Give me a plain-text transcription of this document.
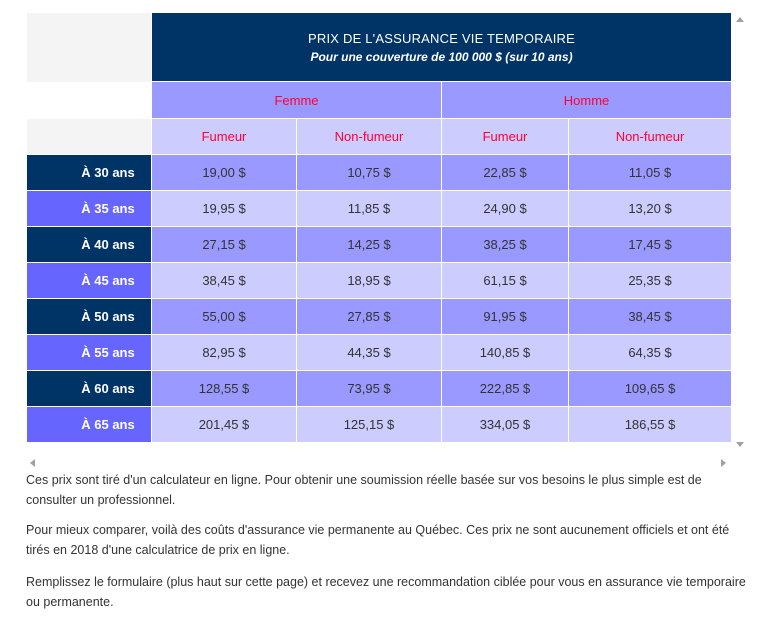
	PRIX DE L'ASSURANCE VIE TEMPORAIRE
Pour une couverture de 100 000 $ (sur 10 ans)			

	Femme		Homme	
	Fumeur	Non-fumeur	Fumeur	Non-fumeur
À 30 ans	19,00 $	10,75 $	22,85 $	11,05 $
À 35 ans	19,95 $	11,85 $	24,90 $	13,20 $
À 40 ans	27,15 $	14,25 $	38,25 $	17,45 $
À 45 ans	38,45 $	18,95 $	61,15 $	25,35 $
À 50 ans	55,00 $	27,85 $	91,95 $	38,45 $
À 55 ans	82,95 $	44,35 $	140,85 $	64,35 $
À 60 ans	128,55 $	73,95 $	222,85 $	109,65 $
À 65 ans	201,45 $	125,15 $	334,05 $	186,55 $

Ces prix sont tiré d'un calculateur en ligne. Pour obtenir une soumission réelle basée sur vos besoins le plus simple est de consulter un professionnel.

Pour mieux comparer, voilà des coûts d'assurance vie permanente au Québec. Ces prix ne sont aucunement officiels et ont été tirés en 2018 d'une calculatrice de prix en ligne.

Remplissez le formulaire (plus haut sur cette page) et recevez une recommandation ciblée pour vous en assurance vie temporaire ou permanente.
